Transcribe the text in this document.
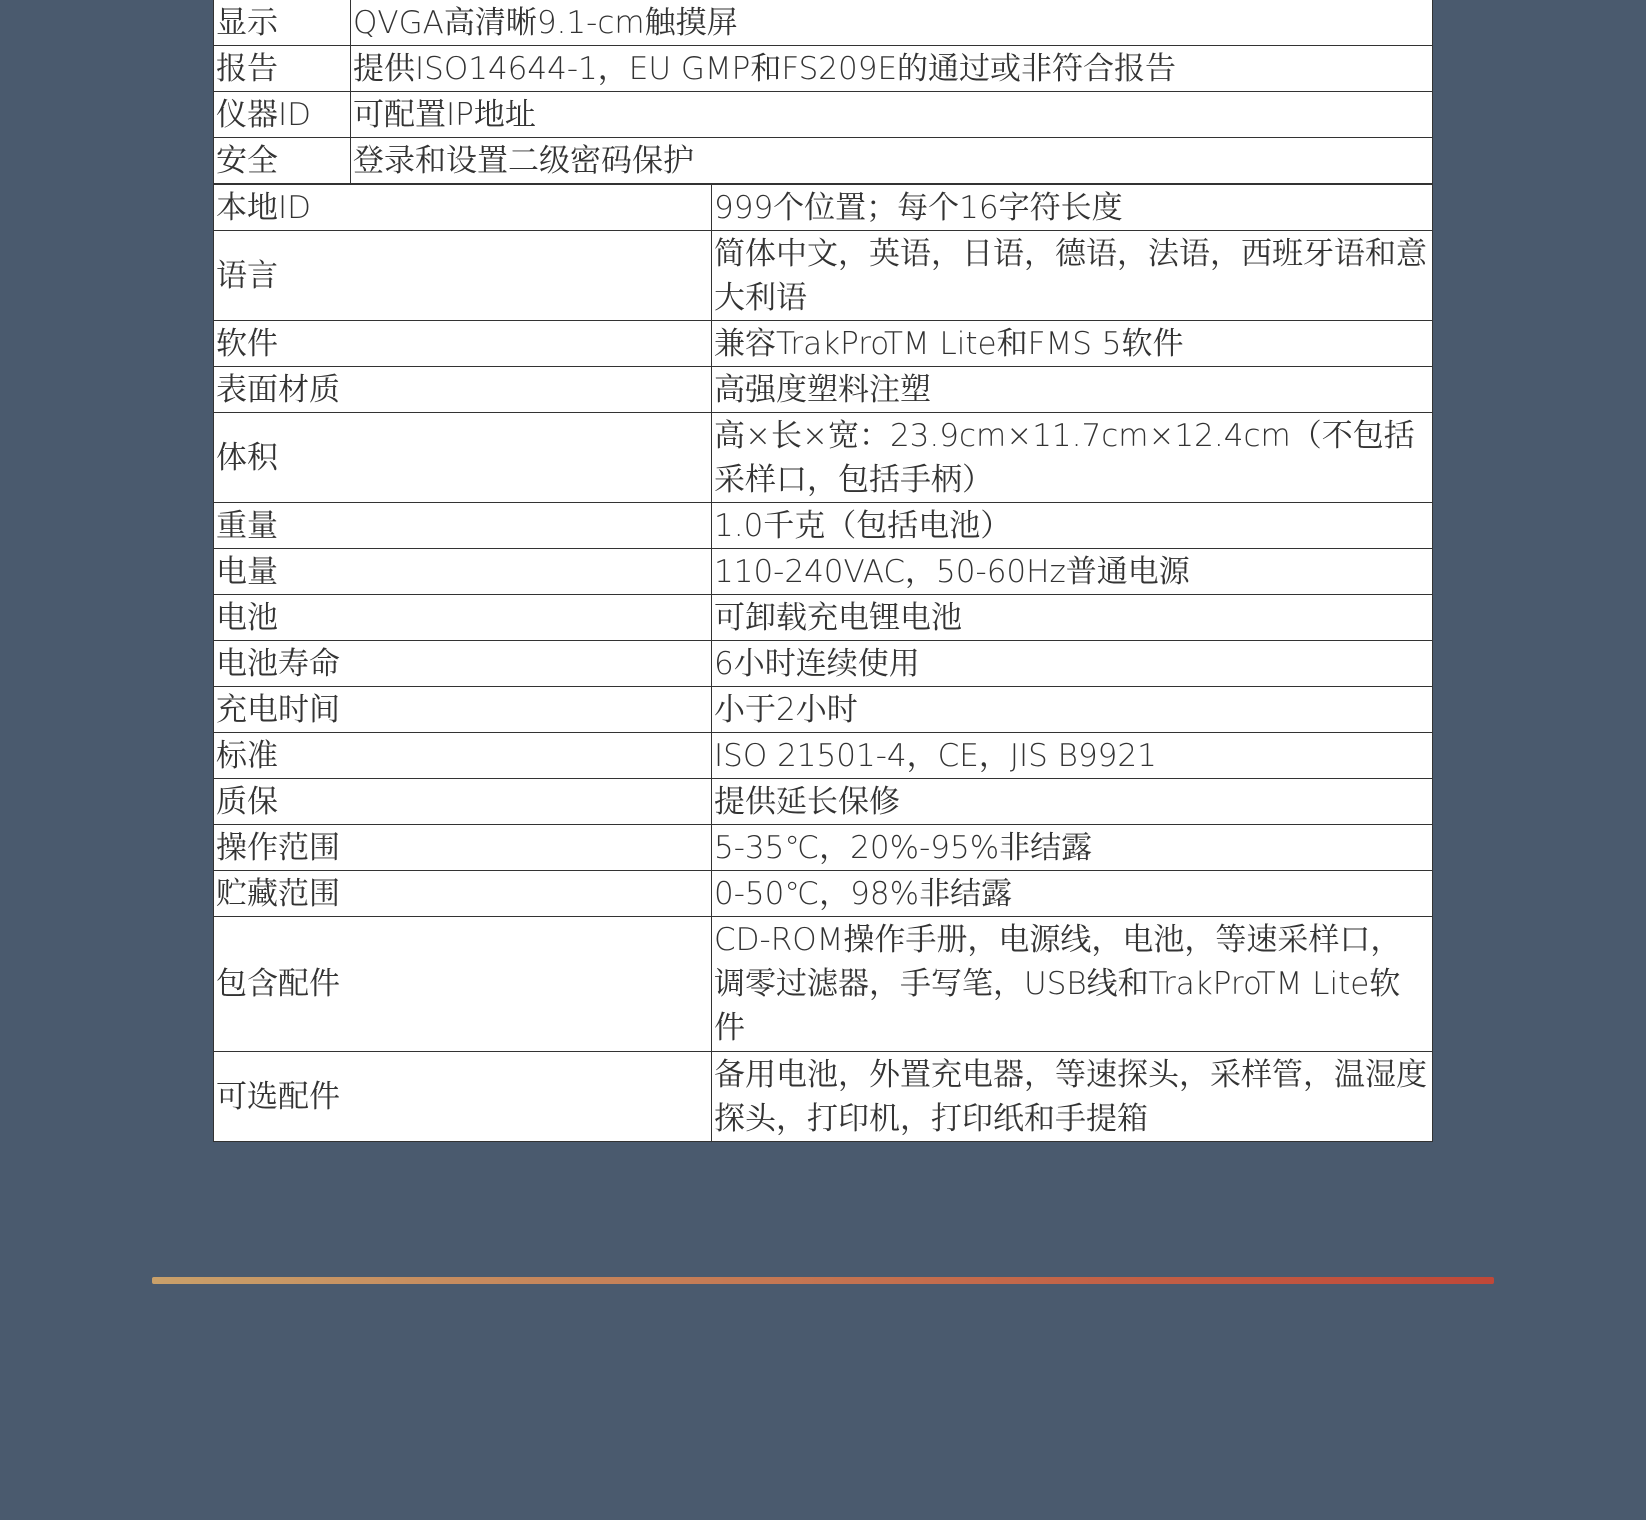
显示	QVGA高清晰9.1-cm触摸屏
报告	提供ISO14644-1，EU GMP和FS209E的通过或非符合报告
仪器ID	可配置IP地址
安全	登录和设置二级密码保护
本地ID	999个位置；每个16字符长度
语言	简体中文，英语，日语，德语，法语，西班牙语和意大利语
软件	兼容TrakProTM Lite和FMS 5软件
表面材质	高强度塑料注塑
体积	高×长×宽：23.9cm×11.7cm×12.4cm（不包括采样口，包括手柄）
重量	1.0千克（包括电池）
电量	110-240VAC，50-60Hz普通电源
电池	可卸载充电锂电池
电池寿命	6小时连续使用
充电时间	小于2小时
标准	ISO 21501-4，CE，JIS B9921
质保	提供延长保修
操作范围	5-35℃，20%-95%非结露
贮藏范围	0-50℃，98%非结露
包含配件	CD-ROM操作手册，电源线，电池，等速采样口，调零过滤器，手写笔，USB线和TrakProTM Lite软件
可选配件	备用电池，外置充电器，等速探头，采样管，温湿度探头，打印机，打印纸和手提箱
